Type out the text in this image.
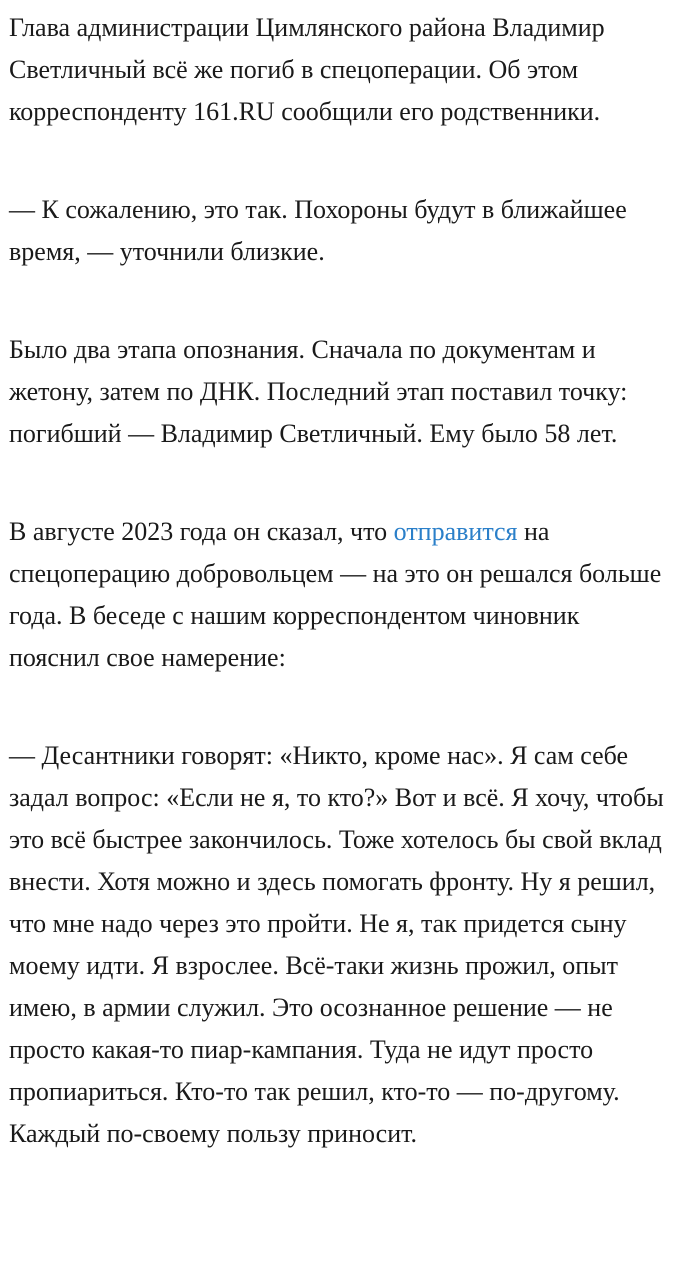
Глава администрации Цимлянского района Владимир Светличный всё же погиб в спецоперации. Об этом корреспонденту 161.RU сообщили его родственники.

— К сожалению, это так. Похороны будут в ближайшее время, — уточнили близкие.

Было два этапа опознания. Сначала по документам и жетону, затем по ДНК. Последний этап поставил точку: погибший — Владимир Светличный. Ему было 58 лет.

В августе 2023 года он сказал, что отправится на спецоперацию добровольцем — на это он решался больше года. В беседе с нашим корреспондентом чиновник пояснил свое намерение:

— Десантники говорят: «Никто, кроме нас». Я сам себе задал вопрос: «Если не я, то кто?» Вот и всё. Я хочу, чтобы это всё быстрее закончилось. Тоже хотелось бы свой вклад внести. Хотя можно и здесь помогать фронту. Ну я решил, что мне надо через это пройти. Не я, так придется сыну моему идти. Я взрослее. Всё-таки жизнь прожил, опыт имею, в армии служил. Это осознанное решение — не просто какая-то пиар-кампания. Туда не идут просто пропиариться. Кто-то так решил, кто-то — по-другому. Каждый по-своему пользу приносит.
